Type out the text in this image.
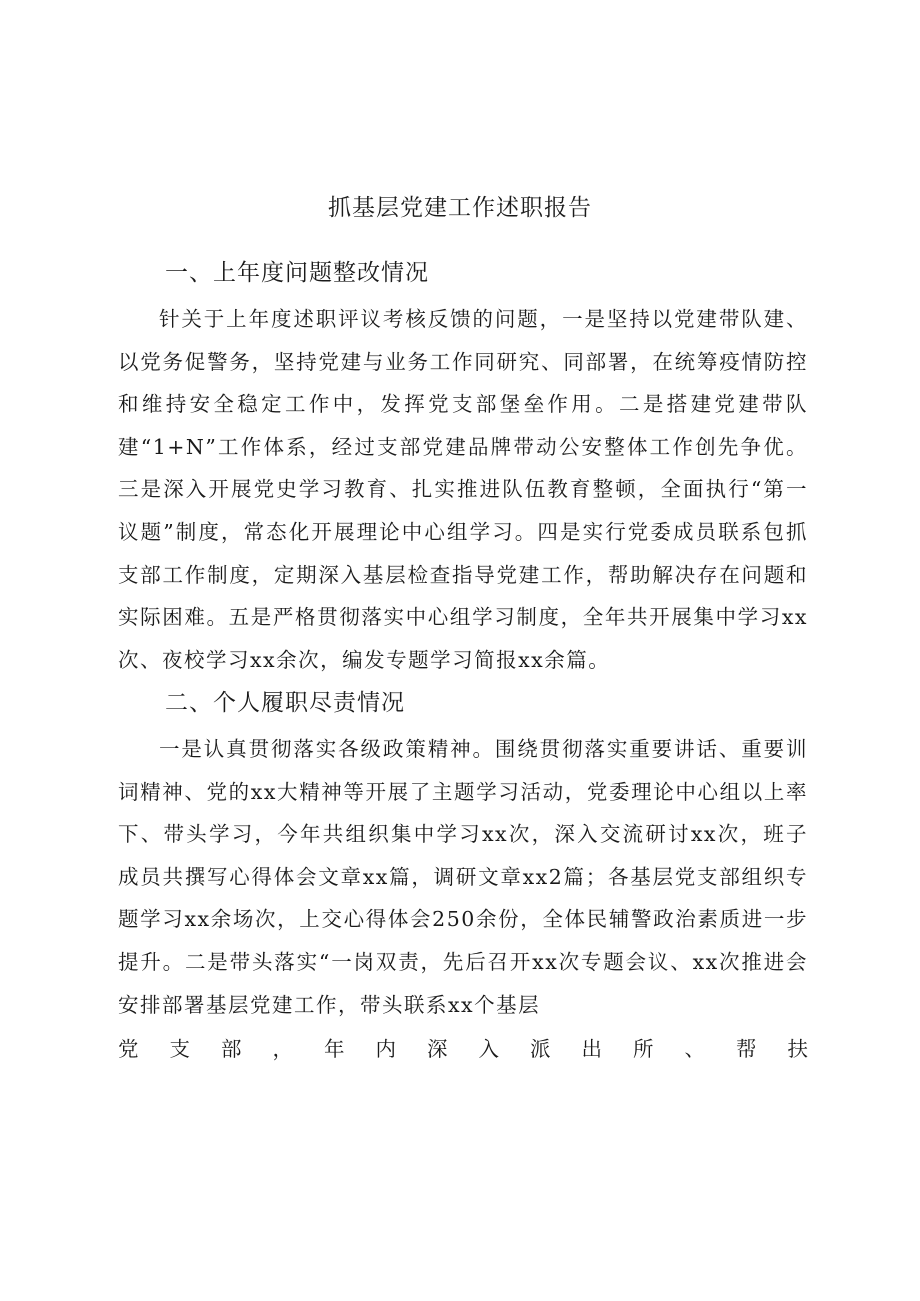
抓基层党建工作述职报告
一、上年度问题整改情况

针关于上年度述职评议考核反馈的问题，一是坚持以党建带队建、以党务促警务，坚持党建与业务工作同研究、同部署，在统筹疫情防控和维持安全稳定工作中，发挥党支部堡垒作用。二是搭建党建带队建“1+N”工作体系，经过支部党建品牌带动公安整体工作创先争优。三是深入开展党史学习教育、扎实推进队伍教育整顿，全面执行“第一议题”制度，常态化开展理论中心组学习。四是实行党委成员联系包抓支部工作制度，定期深入基层检查指导党建工作，帮助解决存在问题和实际困难。五是严格贯彻落实中心组学习制度，全年共开展集中学习xx次、夜校学习xx余次，编发专题学习简报xx余篇。

二、个人履职尽责情况

一是认真贯彻落实各级政策精神。围绕贯彻落实重要讲话、重要训词精神、党的xx大精神等开展了主题学习活动，党委理论中心组以上率下、带头学习，今年共组织集中学习xx次，深入交流研讨xx次，班子成员共撰写心得体会文章xx篇，调研文章xx2篇；各基层党支部组织专题学习xx余场次，上交心得体会250余份，全体民辅警政治素质进一步提升。二是带头落实“一岗双责，先后召开xx次专题会议、xx次推进会安排部署基层党建工作，带头联系xx个基层

党 支 部 ， 年 内 深 入 派 出 所 、 帮 扶
